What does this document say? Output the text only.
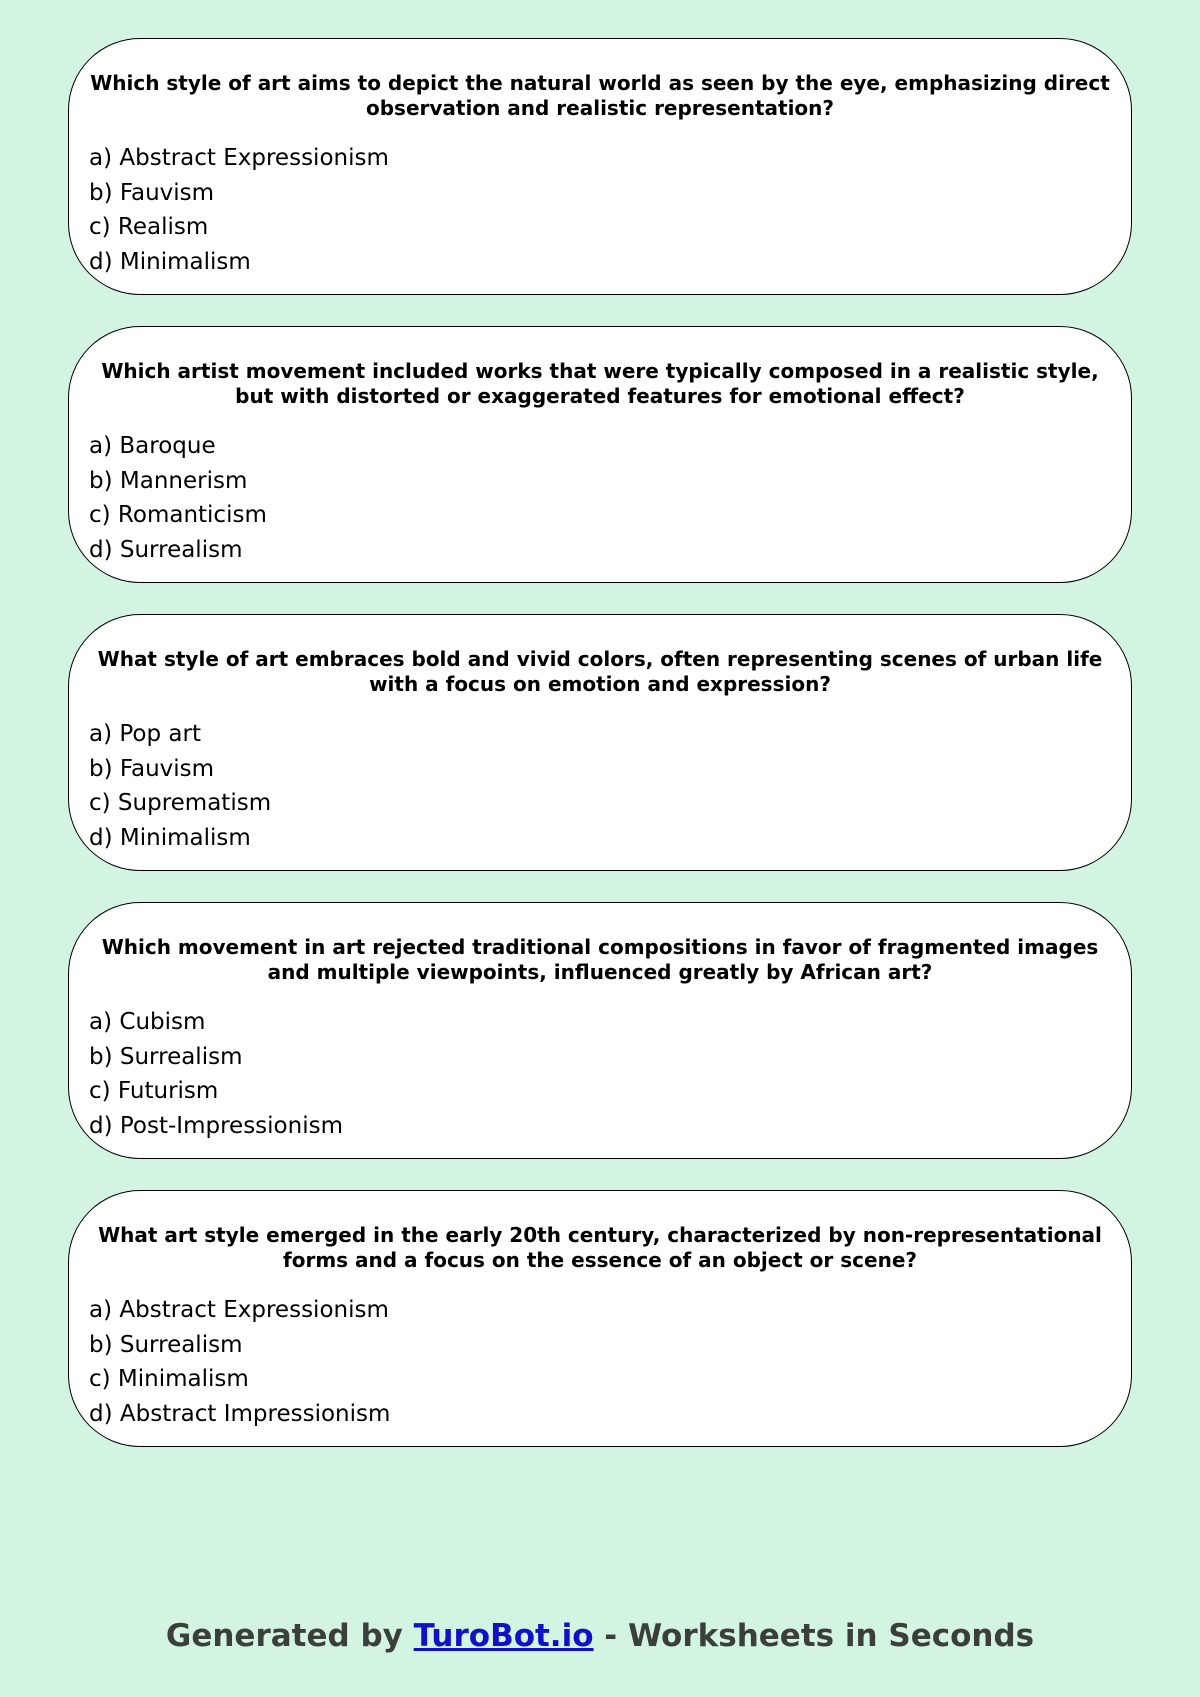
Which style of art aims to depict the natural world as seen by the eye, emphasizing direct observation and realistic representation?

a) Abstract Expressionism
b) Fauvism
c) Realism
d) Minimalism

Which artist movement included works that were typically composed in a realistic style, but with distorted or exaggerated features for emotional effect?

a) Baroque
b) Mannerism
c) Romanticism
d) Surrealism

What style of art embraces bold and vivid colors, often representing scenes of urban life with a focus on emotion and expression?

a) Pop art
b) Fauvism
c) Suprematism
d) Minimalism

Which movement in art rejected traditional compositions in favor of fragmented images and multiple viewpoints, influenced greatly by African art?

a) Cubism
b) Surrealism
c) Futurism
d) Post-Impressionism

What art style emerged in the early 20th century, characterized by non-representational forms and a focus on the essence of an object or scene?

a) Abstract Expressionism
b) Surrealism
c) Minimalism
d) Abstract Impressionism
Generated by TuroBot.io - Worksheets in Seconds
